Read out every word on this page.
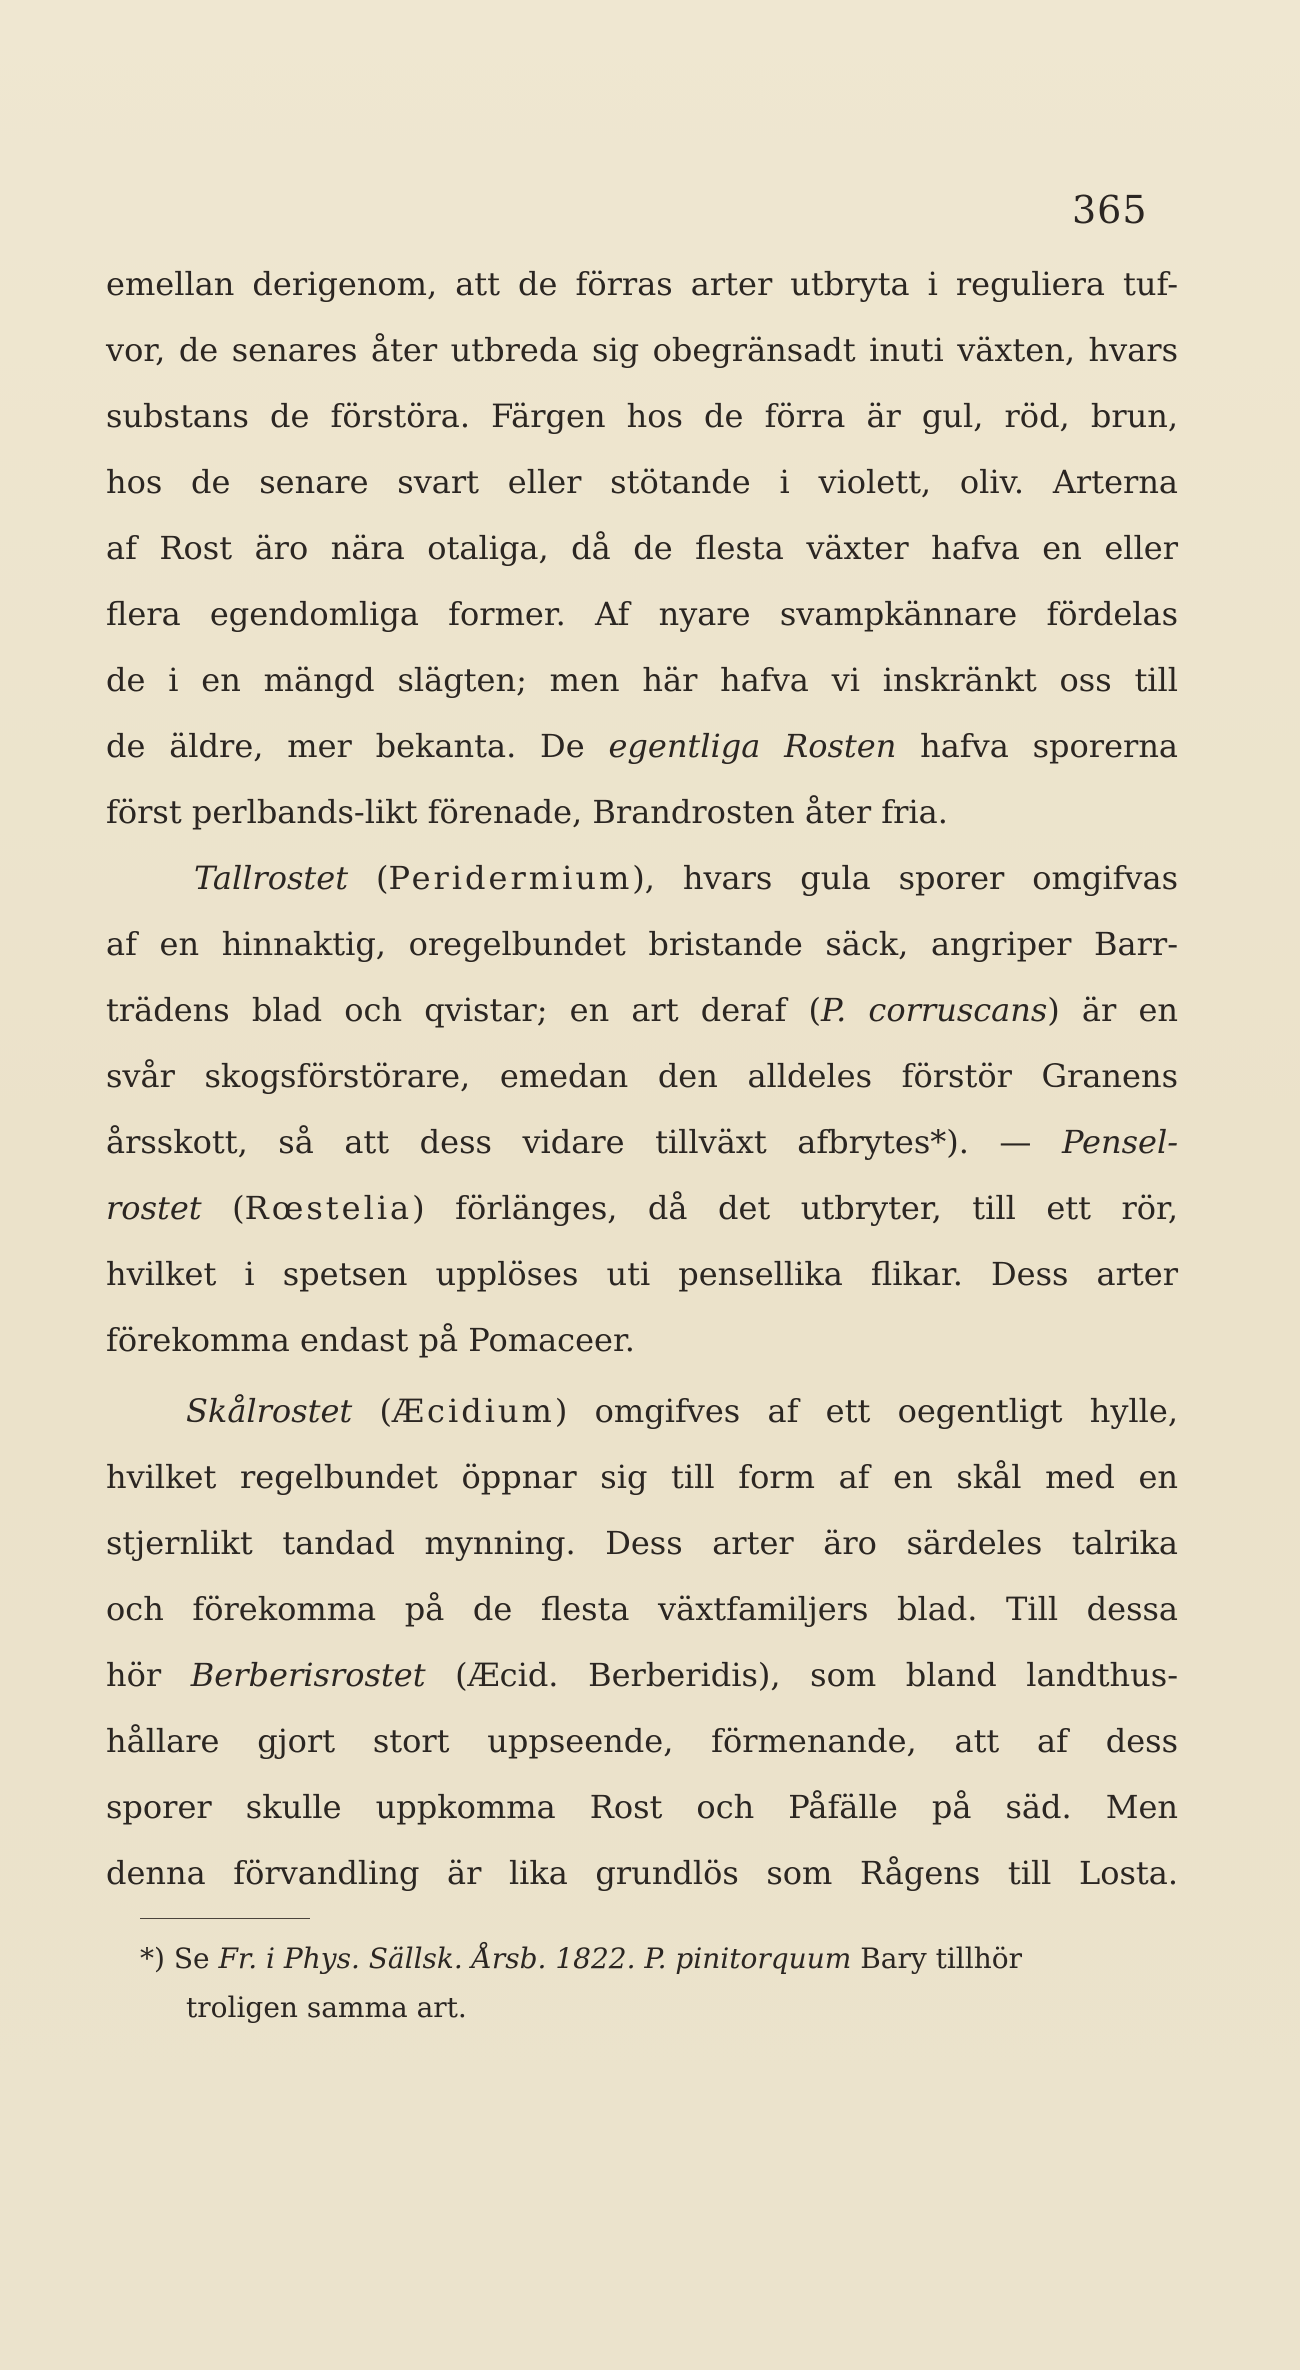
365
emellan derigenom, att de förras arter utbryta i reguliera tuf-
vor, de senares åter utbreda sig obegränsadt inuti växten, hvars
substans de förstöra. Färgen hos de förra är gul, röd, brun,
hos de senare svart eller stötande i violett, oliv. Arterna
af Rost äro nära otaliga, då de flesta växter hafva en eller
flera egendomliga former. Af nyare svampkännare fördelas
de i en mängd slägten; men här hafva vi inskränkt oss till
de äldre, mer bekanta. De egentliga Rosten hafva sporerna
först perlbands-likt förenade, Brandrosten åter fria.
Tallrostet (Peridermium), hvars gula sporer omgifvas
af en hinnaktig, oregelbundet bristande säck, angriper Barr-
trädens blad och qvistar; en art deraf (P. corruscans) är en
svår skogsförstörare, emedan den alldeles förstör Granens
årsskott, så att dess vidare tillväxt afbrytes*). — Pensel-
rostet (Rœstelia) förlänges, då det utbryter, till ett rör,
hvilket i spetsen upplöses uti pensellika flikar. Dess arter
förekomma endast på Pomaceer.
Skålrostet (Æcidium) omgifves af ett oegentligt hylle,
hvilket regelbundet öppnar sig till form af en skål med en
stjernlikt tandad mynning. Dess arter äro särdeles talrika
och förekomma på de flesta växtfamiljers blad. Till dessa
hör Berberisrostet (Æcid. Berberidis), som bland landthus-
hållare gjort stort uppseende, förmenande, att af dess
sporer skulle uppkomma Rost och Påfälle på säd. Men
denna förvandling är lika grundlös som Rågens till Losta.
*) Se Fr. i Phys. Sällsk. Årsb. 1822. P. pinitorquum Bary tillhör
troligen samma art.
